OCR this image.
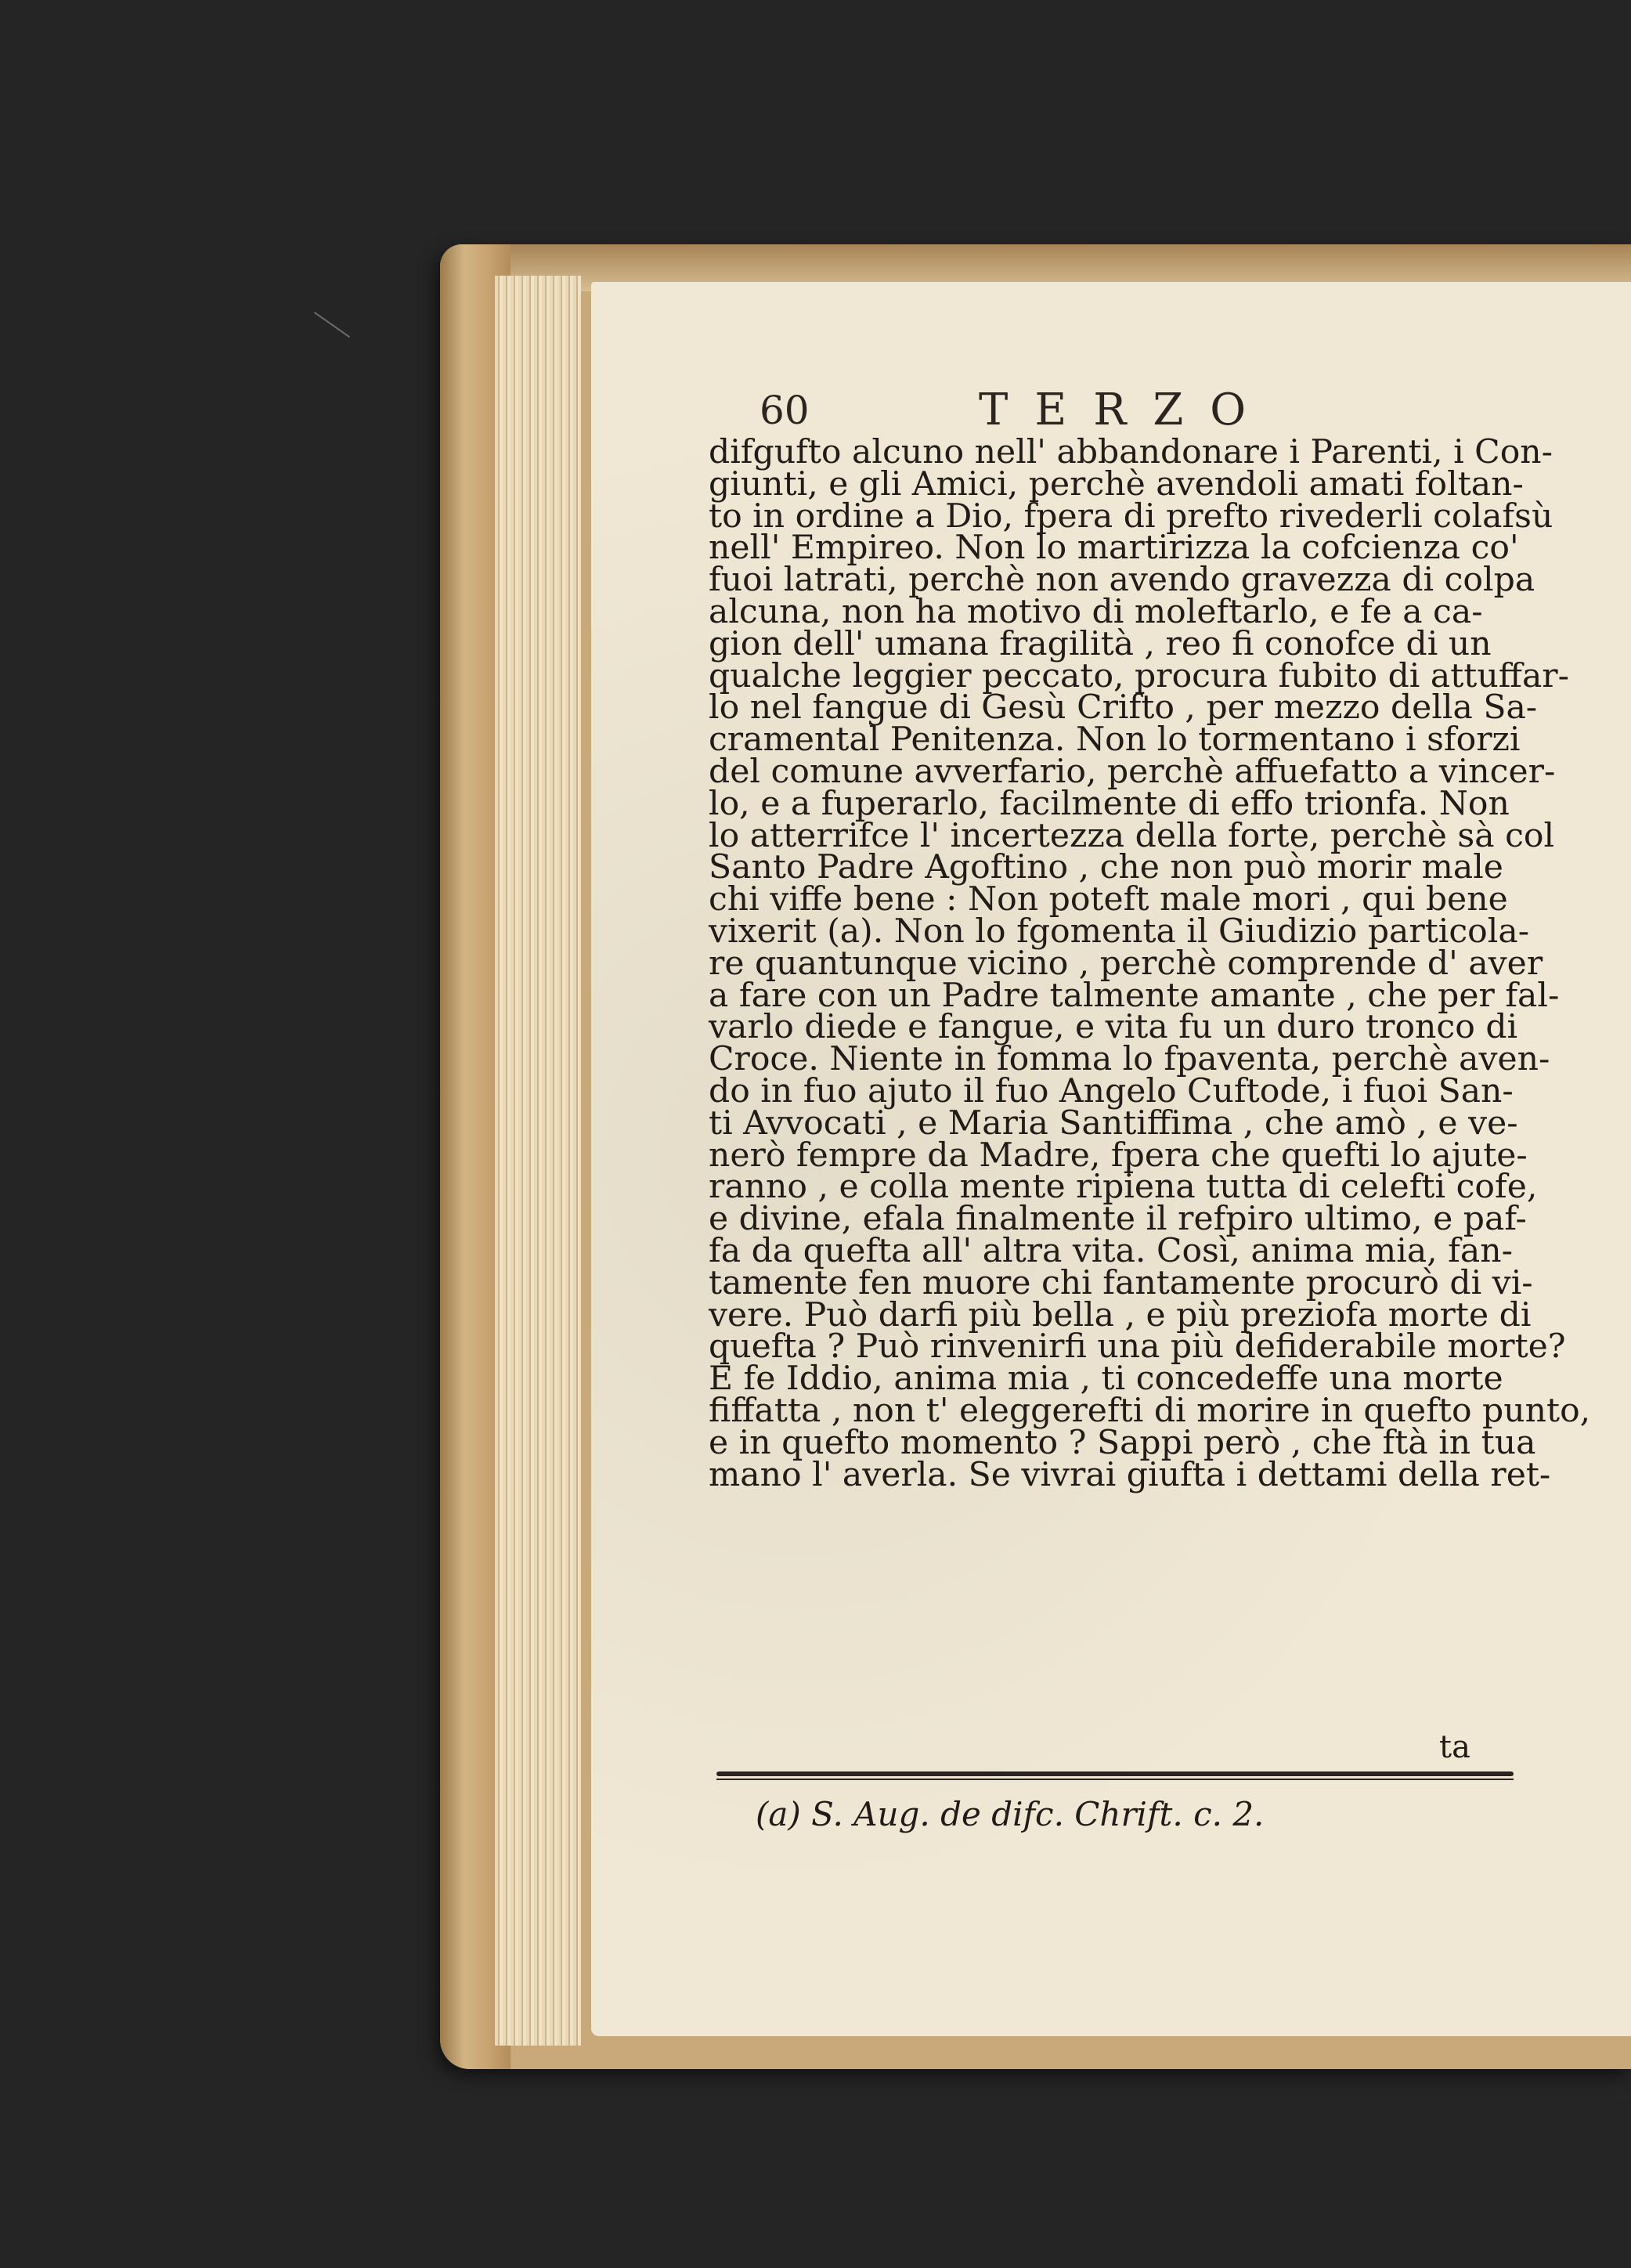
60	TERZO
difgufto alcuno nell' abbandonare i Parenti, i Con-
giunti, e gli Amici, perchè avendoli amati foltan-
to in ordine a Dio, fpera di prefto rivederli colafsù
nell' Empireo. Non lo martirizza la cofcienza co'
fuoi latrati, perchè non avendo gravezza di colpa
alcuna, non ha motivo di moleftarlo, e fe a ca-
gion dell' umana fragilità , reo fi conofce di un
qualche leggier peccato, procura fubito di attuffar-
lo nel fangue di Gesù Crifto , per mezzo della Sa-
cramental Penitenza. Non lo tormentano i sforzi
del comune avverfario, perchè affuefatto a vincer-
lo, e a fuperarlo, facilmente di effo trionfa. Non
lo atterrifce l' incertezza della forte, perchè sà col
Santo Padre Agoftino , che non può morir male
chi viffe bene : Non poteft male mori , qui bene
vixerit (a). Non lo fgomenta il Giudizio particola-
re quantunque vicino , perchè comprende d' aver
a fare con un Padre talmente amante , che per fal-
varlo diede e fangue, e vita fu un duro tronco di
Croce. Niente in fomma lo fpaventa, perchè aven-
do in fuo ajuto il fuo Angelo Cuftode, i fuoi San-
ti Avvocati , e Maria Santiffima , che amò , e ve-
nerò fempre da Madre, fpera che quefti lo ajute-
ranno , e colla mente ripiena tutta di celefti cofe,
e divine, efala finalmente il refpiro ultimo, e paf-
fa da quefta all' altra vita. Così, anima mia, fan-
tamente fen muore chi fantamente procurò di vi-
vere. Può darfi più bella , e più preziofa morte di
quefta ? Può rinvenirfi una più defiderabile morte?
E fe Iddio, anima mia , ti concedeffe una morte
fiffatta , non t' eleggerefti di morire in quefto punto,
e in quefto momento ? Sappi però , che ftà in tua
mano l' averla. Se vivrai giufta i dettami della ret-
ta
(a) S. Aug. de difc. Chrift. c. 2.
